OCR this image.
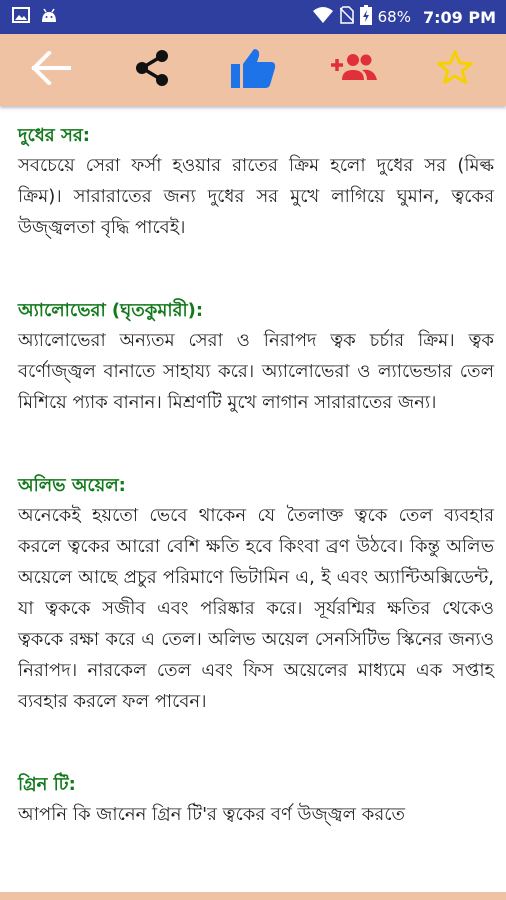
68% 7:09 PM

দুধের সর:

সবচেয়ে সেরা ফর্সা হওয়ার রাতের ক্রিম হলো দুধের সর (মিল্ক ক্রিম)। সারারাতের জন্য দুধের সর মুখে লাগিয়ে ঘুমান, ত্বকের উজ্জ্বলতা বৃদ্ধি পাবেই।

অ্যালোভেরা (ঘৃতকুমারী):

অ্যালোভেরা অন্যতম সেরা ও নিরাপদ ত্বক চর্চার ক্রিম। ত্বক বর্ণোজ্জ্বল বানাতে সাহায্য করে। অ্যালোভেরা ও ল্যাভেন্ডার তেল মিশিয়ে প্যাক বানান। মিশ্রণটি মুখে লাগান সারারাতের জন্য।

অলিভ অয়েল:

অনেকেই হয়তো ভেবে থাকেন যে তৈলাক্ত ত্বকে তেল ব্যবহার করলে ত্বকের আরো বেশি ক্ষতি হবে কিংবা ব্রণ উঠবে। কিন্তু অলিভ অয়েলে আছে প্রচুর পরিমাণে ভিটামিন এ, ই এবং অ্যান্টিঅক্সিডেন্ট, যা ত্বককে সজীব এবং পরিষ্কার করে। সূর্যরশ্মির ক্ষতির থেকেও ত্বককে রক্ষা করে এ তেল। অলিভ অয়েল সেনসিটিভ স্কিনের জন্যও নিরাপদ। নারকেল তেল এবং ফিস অয়েলের মাধ্যমে এক সপ্তাহ ব্যবহার করলে ফল পাবেন।

গ্রিন টি:

আপনি কি জানেন গ্রিন টি'র ত্বকের বর্ণ উজ্জ্বল করতে
